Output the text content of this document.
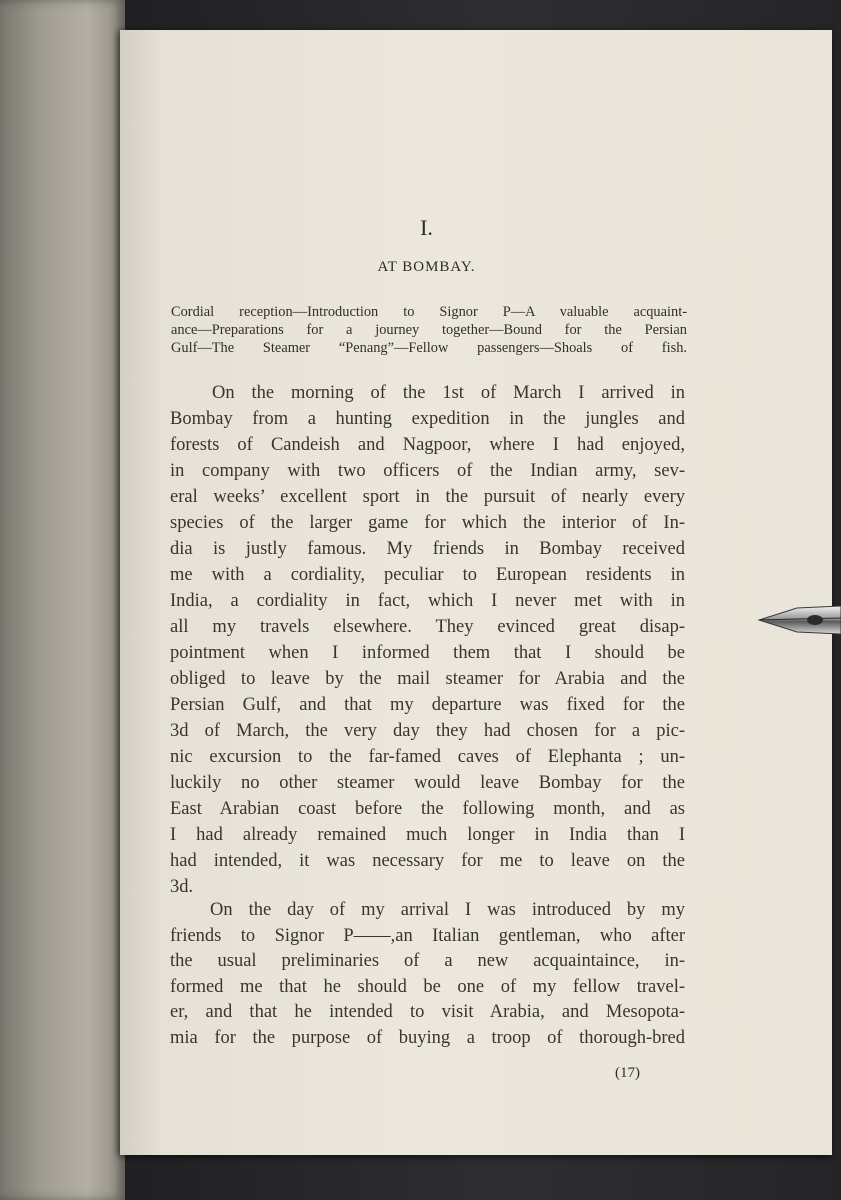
I.
AT BOMBAY.
Cordial reception—Introduction to Signor P—A valuable acquaint-
ance—Preparations for a journey together—Bound for the Persian
Gulf—The Steamer “Penang”—Fellow passengers—Shoals of fish.
On the morning of the 1st of March I arrived in
Bombay from a hunting expedition in the jungles and
forests of Candeish and Nagpoor, where I had enjoyed,
in company with two officers of the Indian army, sev-
eral weeks’ excellent sport in the pursuit of nearly every
species of the larger game for which the interior of In-
dia is justly famous. My friends in Bombay received
me with a cordiality, peculiar to European residents in
India, a cordiality in fact, which I never met with in
all my travels elsewhere. They evinced great disap-
pointment when I informed them that I should be
obliged to leave by the mail steamer for Arabia and the
Persian Gulf, and that my departure was fixed for the
3d of March, the very day they had chosen for a pic-
nic excursion to the far-famed caves of Elephanta ; un-
luckily no other steamer would leave Bombay for the
East Arabian coast before the following month, and as
I had already remained much longer in India than I
had intended, it was necessary for me to leave on the
3d.
On the day of my arrival I was introduced by my
friends to Signor P——,an Italian gentleman, who after
the usual preliminaries of a new acquaintaince, in-
formed me that he should be one of my fellow travel-
er, and that he intended to visit Arabia, and Mesopota-
mia for the purpose of buying a troop of thorough-bred
(17)
